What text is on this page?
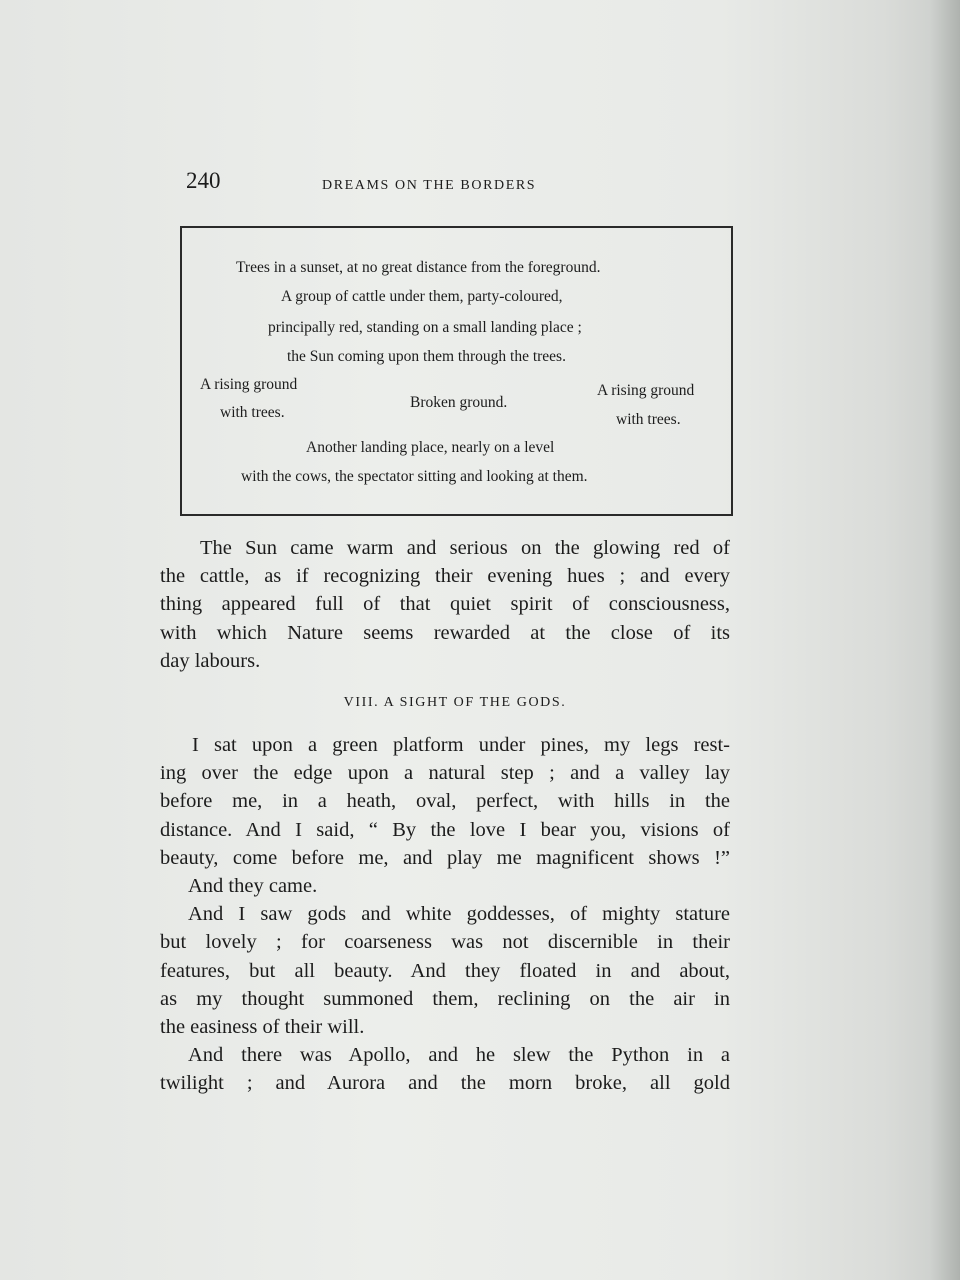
240	DREAMS ON THE BORDERS
Trees in a sunset, at no great distance from the foreground.
A group of cattle under them, party-coloured,
principally red, standing on a small landing place ;
the Sun coming upon them through the trees.
A rising ground
with trees.
Broken ground.
A rising ground
with trees.
Another landing place, nearly on a level
with the cows, the spectator sitting and looking at them.

The Sun came warm and serious on the glowing red of
the cattle, as if recognizing their evening hues ; and every
thing appeared full of that quiet spirit of consciousness,
with which Nature seems rewarded at the close of its
day labours.

VIII. A SIGHT OF THE GODS.

I sat upon a green platform under pines, my legs rest-
ing over the edge upon a natural step ; and a valley lay
before me, in a heath, oval, perfect, with hills in the
distance. And I said, “ By the love I bear you, visions of
beauty, come before me, and play me magnificent shows !”

And they came.

And I saw gods and white goddesses, of mighty stature
but lovely ; for coarseness was not discernible in their
features, but all beauty. And they floated in and about,
as my thought summoned them, reclining on the air in
the easiness of their will.

And there was Apollo, and he slew the Python in a
twilight ; and Aurora and the morn broke, all gold
